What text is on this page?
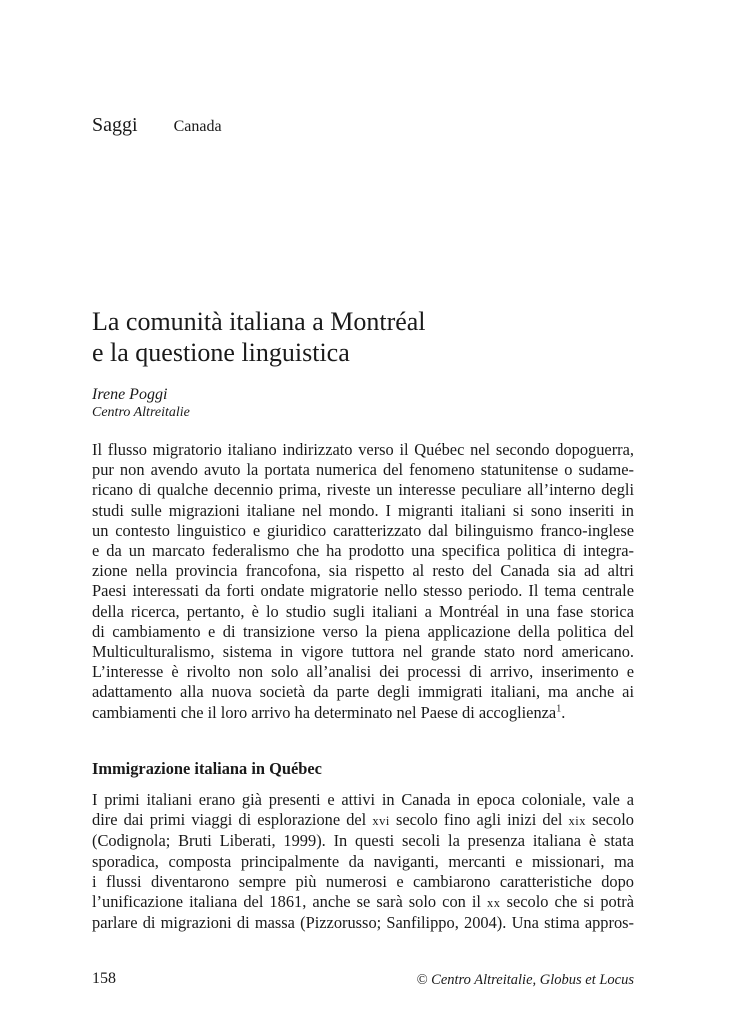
Saggi Canada
La comunità italiana a Montréal
e la questione linguistica
Irene Poggi
Centro Altreitalie
Il flusso migratorio italiano indirizzato verso il Québec nel secondo dopoguerra,
pur non avendo avuto la portata numerica del fenomeno statunitense o sudame-
ricano di qualche decennio prima, riveste un interesse peculiare all’interno degli
studi sulle migrazioni italiane nel mondo. I migranti italiani si sono inseriti in
un contesto linguistico e giuridico caratterizzato dal bilinguismo franco-inglese
e da un marcato federalismo che ha prodotto una specifica politica di integra-
zione nella provincia francofona, sia rispetto al resto del Canada sia ad altri
Paesi interessati da forti ondate migratorie nello stesso periodo. Il tema centrale
della ricerca, pertanto, è lo studio sugli italiani a Montréal in una fase storica
di cambiamento e di transizione verso la piena applicazione della politica del
Multiculturalismo, sistema in vigore tuttora nel grande stato nord americano.
L’interesse è rivolto non solo all’analisi dei processi di arrivo, inserimento e
adattamento alla nuova società da parte degli immigrati italiani, ma anche ai
cambiamenti che il loro arrivo ha determinato nel Paese di accoglienza$^1$.
Immigrazione italiana in Québec
I primi italiani erano già presenti e attivi in Canada in epoca coloniale, vale a
dire dai primi viaggi di esplorazione del xvi secolo fino agli inizi del xix secolo
(Codignola; Bruti Liberati, 1999). In questi secoli la presenza italiana è stata
sporadica, composta principalmente da naviganti, mercanti e missionari, ma
i flussi diventarono sempre più numerosi e cambiarono caratteristiche dopo
l’unificazione italiana del 1861, anche se sarà solo con il xx secolo che si potrà
parlare di migrazioni di massa (Pizzorusso; Sanfilippo, 2004). Una stima appros-
158	© Centro Altreitalie, Globus et Locus
